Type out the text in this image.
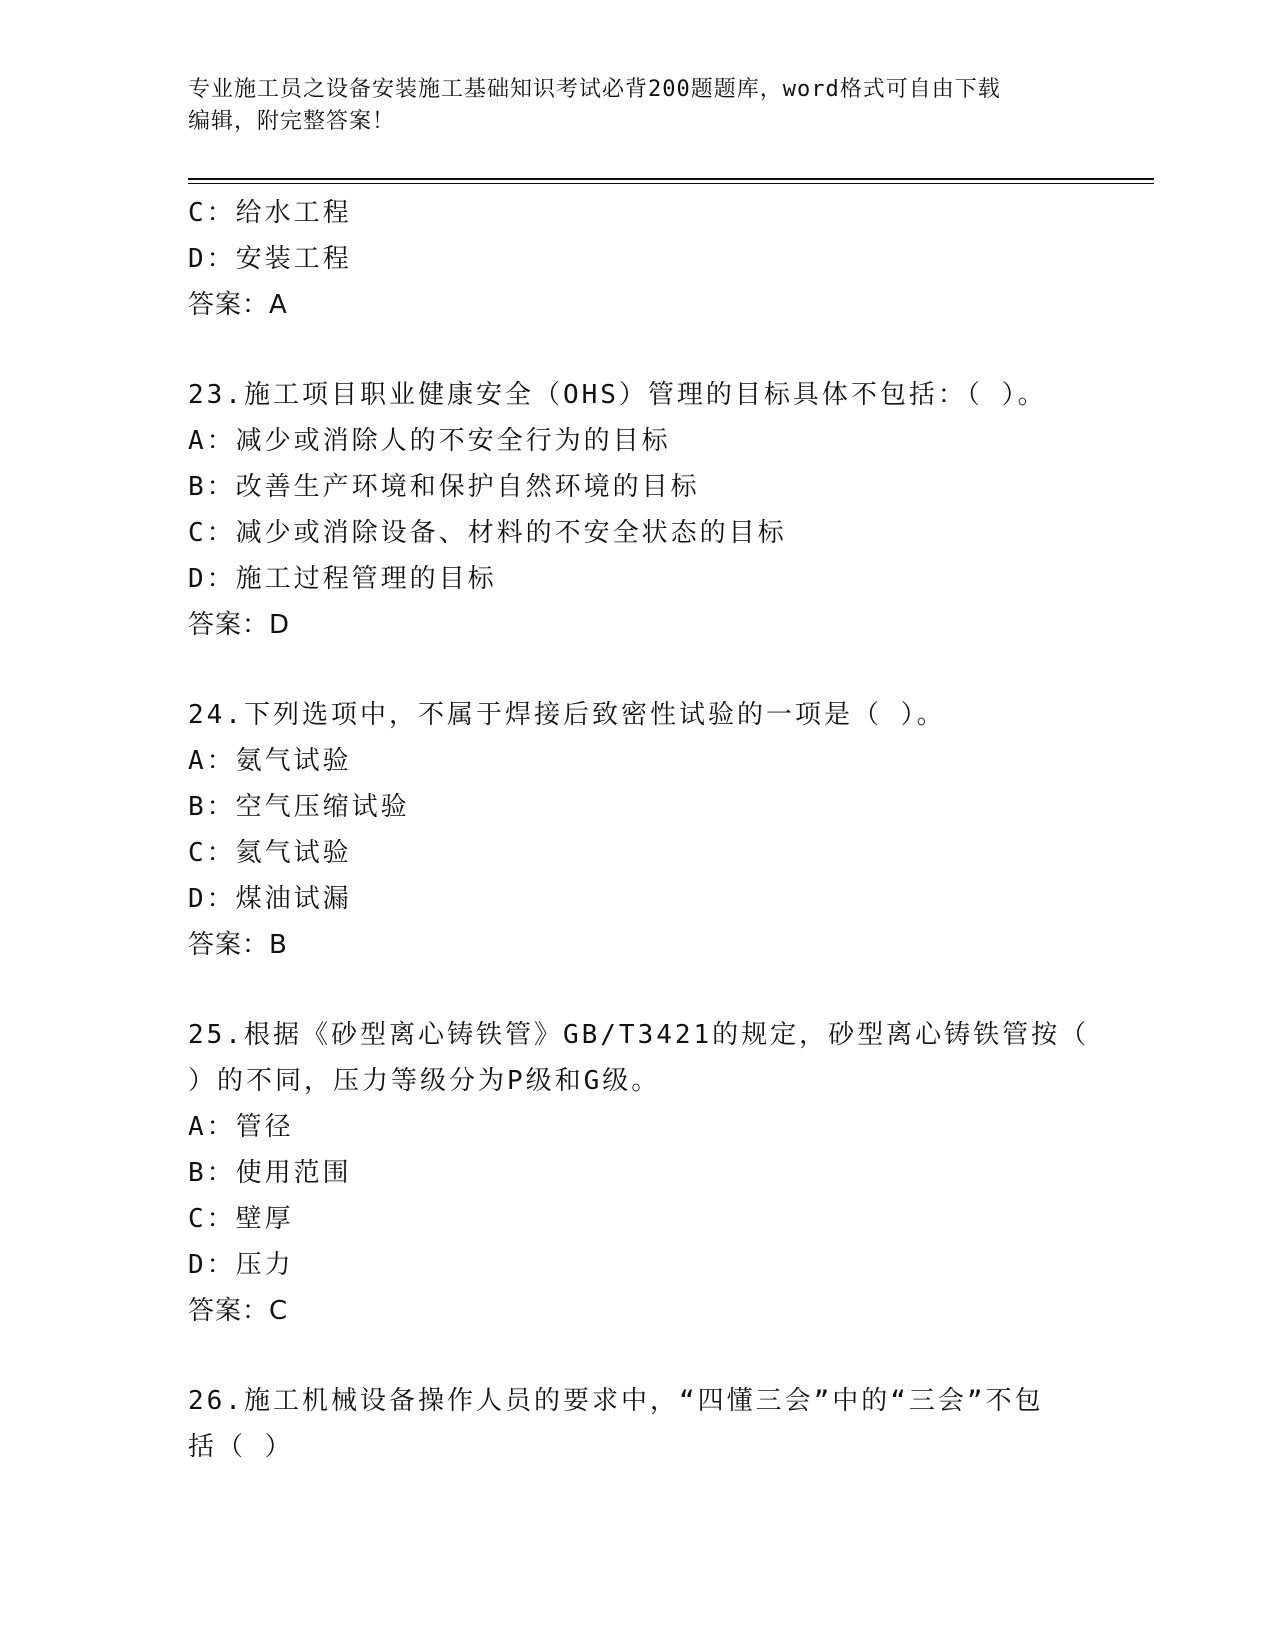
专业施工员之设备安装施工基础知识考试必背200题题库，word格式可自由下载
编辑，附完整答案！
C：给水工程
D：安装工程
答案：A
23.施工项目职业健康安全（OHS）管理的目标具体不包括：（ ）。
A：减少或消除人的不安全行为的目标
B：改善生产环境和保护自然环境的目标
C：减少或消除设备、材料的不安全状态的目标
D：施工过程管理的目标
答案：D
24.下列选项中，不属于焊接后致密性试验的一项是（ ）。
A：氨气试验
B：空气压缩试验
C：氦气试验
D：煤油试漏
答案：B
25.根据《砂型离心铸铁管》GB/T3421的规定，砂型离心铸铁管按（
）的不同，压力等级分为P级和G级。
A：管径
B：使用范围
C：壁厚
D：压力
答案：C
26.施工机械设备操作人员的要求中，“四懂三会”中的“三会”不包
括（ ）
